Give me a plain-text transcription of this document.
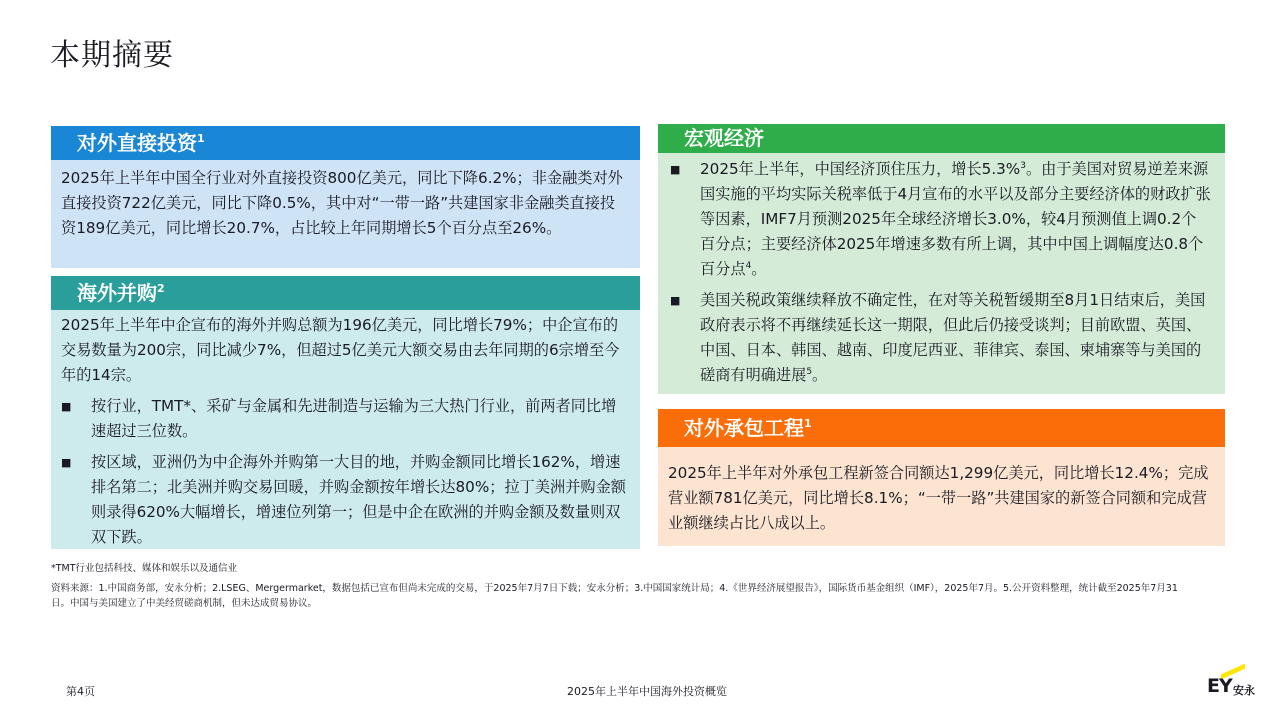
本期摘要
对外直接投资$^1$

2025年上半年中国全行业对外直接投资800亿美元，同比下降6.2%；非金融类对外直接投资722亿美元，同比下降0.5%，其中对“一带一路”共建国家非金融类直接投资189亿美元，同比增长20.7%，占比较上年同期增长5个百分点至26%。

海外并购$^2$

2025年上半年中企宣布的海外并购总额为196亿美元，同比增长79%；中企宣布的交易数量为200宗，同比减少7%，但超过5亿美元大额交易由去年同期的6宗增至今年的14宗。

■	按行业，TMT*、采矿与金属和先进制造与运输为三大热门行业，前两者同比增速超过三位数。
■	按区域，亚洲仍为中企海外并购第一大目的地，并购金额同比增长162%，增速排名第二；北美洲并购交易回暖，并购金额按年增长达80%；拉丁美洲并购金额则录得620%大幅增长，增速位列第一；但是中企在欧洲的并购金额及数量则双双下跌。
宏观经济
■	2025年上半年，中国经济顶住压力，增长5.3%$^3$。由于美国对贸易逆差来源国实施的平均实际关税率低于4月宣布的水平以及部分主要经济体的财政扩张等因素，IMF7月预测2025年全球经济增长3.0%，较4月预测值上调0.2个百分点；主要经济体2025年增速多数有所上调，其中中国上调幅度达0.8个百分点$^4$。
■	美国关税政策继续释放不确定性，在对等关税暂缓期至8月1日结束后，美国政府表示将不再继续延长这一期限，但此后仍接受谈判；目前欧盟、英国、中国、日本、韩国、越南、印度尼西亚、菲律宾、泰国、柬埔寨等与美国的磋商有明确进展$^5$。
对外承包工程$^1$

2025年上半年对外承包工程新签合同额达1,299亿美元，同比增长12.4%；完成营业额781亿美元，同比增长8.1%；“一带一路”共建国家的新签合同额和完成营业额继续占比八成以上。

*TMT行业包括科技、媒体和娱乐以及通信业
资料来源：1.中国商务部，安永分析；2.LSEG、Mergermarket，数据包括已宣布但尚未完成的交易，于2025年7月7日下载；安永分析；3.中国国家统计局；4.《世界经济展望报告》，国际货币基金组织（IMF），2025年7月。5.公开资料整理，统计截至2025年7月31日。中国与美国建立了中美经贸磋商机制，但未达成贸易协议。
第4页	2025年上半年中国海外投资概览	EY 安永
